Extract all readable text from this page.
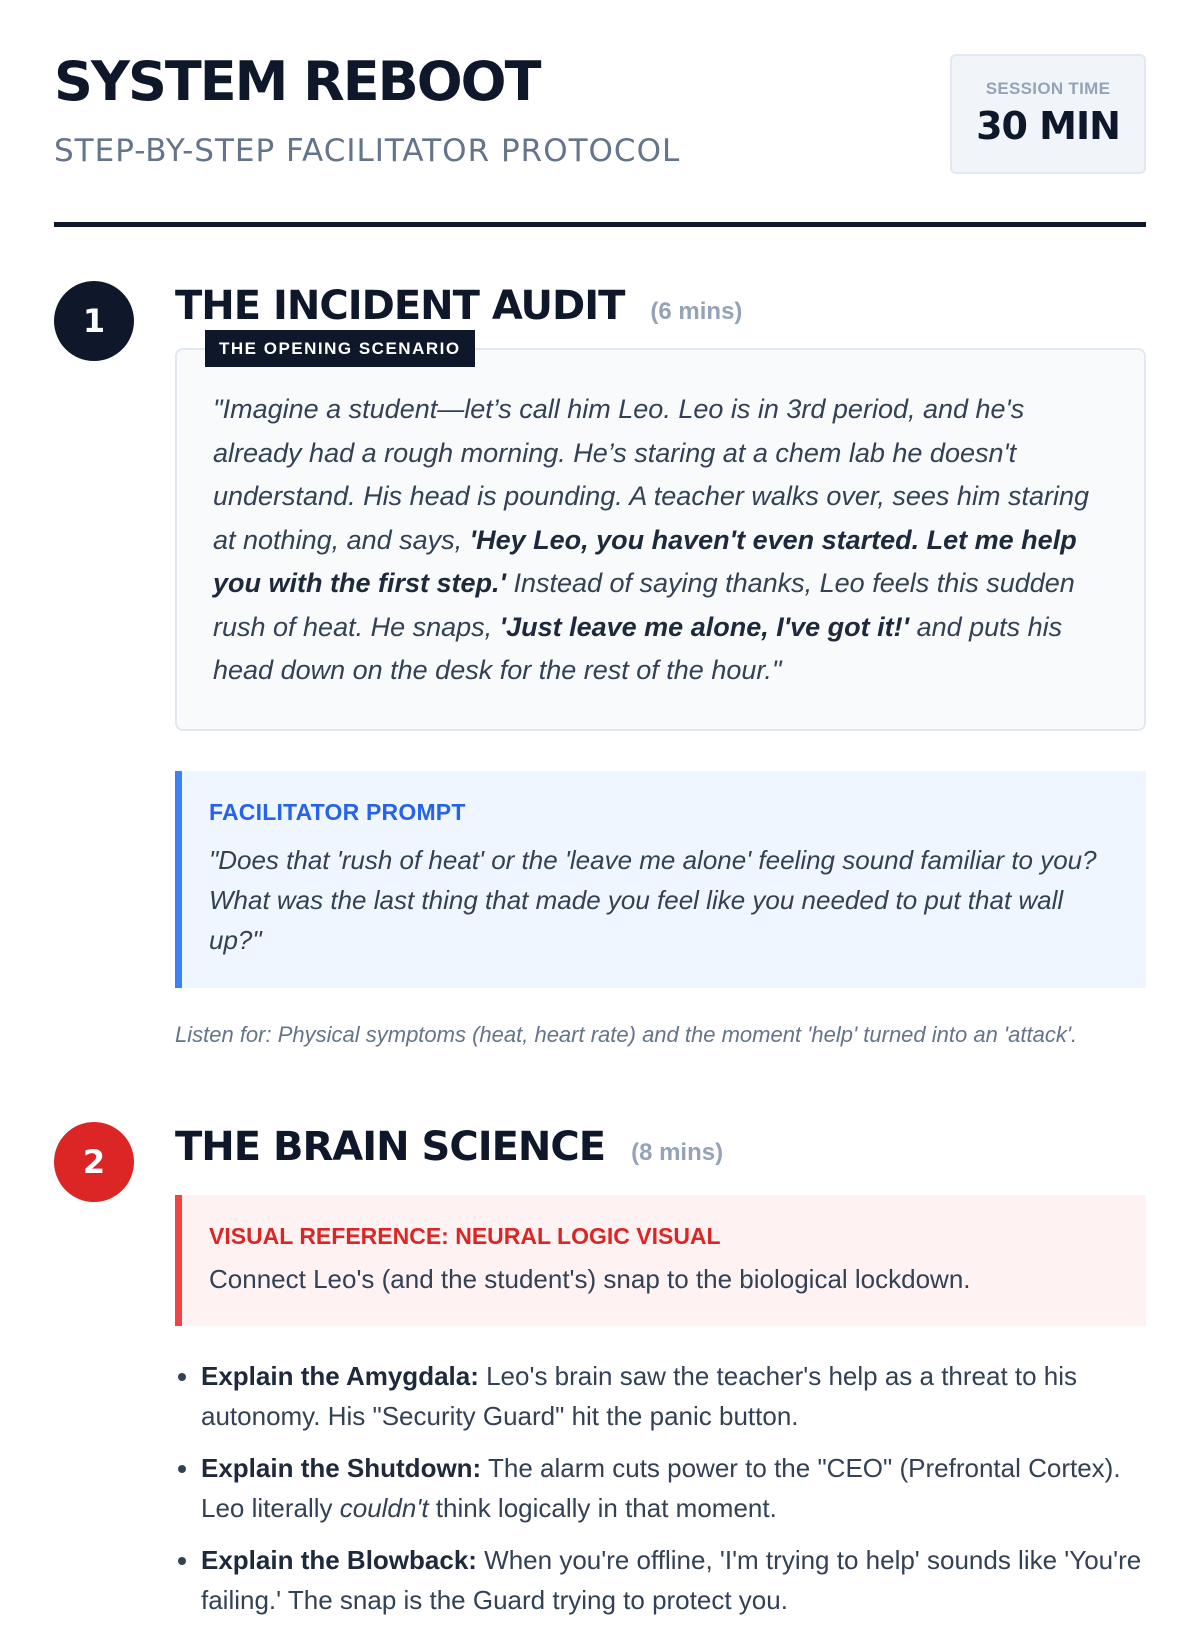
SYSTEM REBOOT
STEP-BY-STEP FACILITATOR PROTOCOL
SESSION TIME
30 MIN
1	THE INCIDENT AUDIT (6 mins)
THE OPENING SCENARIO
"Imagine a student—let’s call him Leo. Leo is in 3rd period, and he's already had a rough morning. He’s staring at a chem lab he doesn't understand. His head is pounding. A teacher walks over, sees him staring at nothing, and says, 'Hey Leo, you haven't even started. Let me help you with the first step.' Instead of saying thanks, Leo feels this sudden rush of heat. He snaps, 'Just leave me alone, I've got it!' and puts his head down on the desk for the rest of the hour."
FACILITATOR PROMPT
"Does that 'rush of heat' or the 'leave me alone' feeling sound familiar to you? What was the last thing that made you feel like you needed to put that wall up?"
Listen for: Physical symptoms (heat, heart rate) and the moment 'help' turned into an 'attack'.
2	THE BRAIN SCIENCE (8 mins)
VISUAL REFERENCE: NEURAL LOGIC VISUAL
Connect Leo's (and the student's) snap to the biological lockdown.
• Explain the Amygdala: Leo's brain saw the teacher's help as a threat to his autonomy. His "Security Guard" hit the panic button.
• Explain the Shutdown: The alarm cuts power to the "CEO" (Prefrontal Cortex). Leo literally couldn't think logically in that moment.
• Explain the Blowback: When you're offline, 'I'm trying to help' sounds like 'You're failing.' The snap is the Guard trying to protect you.
